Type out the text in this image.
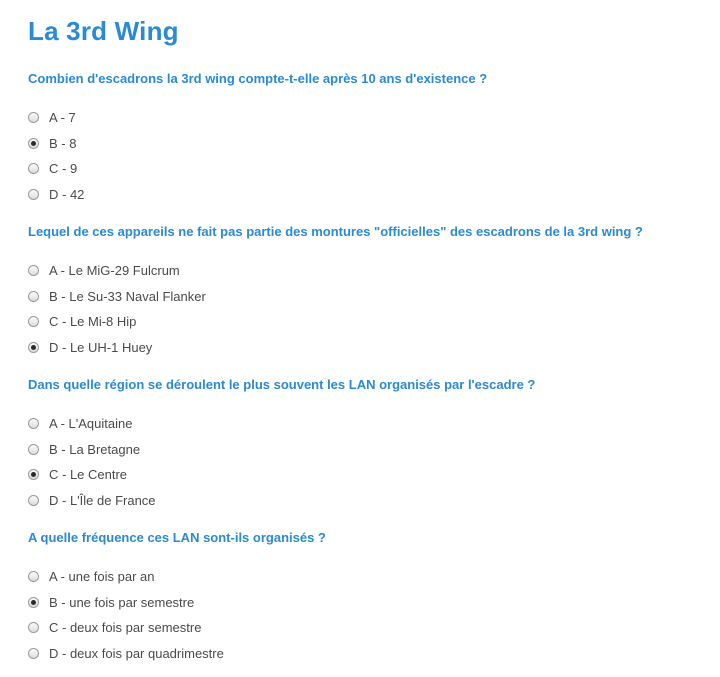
La 3rd Wing

Combien d'escadrons la 3rd wing compte-t-elle après 10 ans d'existence ?

A - 7
B - 8
C - 9
D - 42

Lequel de ces appareils ne fait pas partie des montures "officielles" des escadrons de la 3rd wing ?

A - Le MiG-29 Fulcrum
B - Le Su-33 Naval Flanker
C - Le Mi-8 Hip
D - Le UH-1 Huey

Dans quelle région se déroulent le plus souvent les LAN organisés par l'escadre ?

A - L'Aquitaine
B - La Bretagne
C - Le Centre
D - L'Île de France

A quelle fréquence ces LAN sont-ils organisés ?

A - une fois par an
B - une fois par semestre
C - deux fois par semestre
D - deux fois par quadrimestre
